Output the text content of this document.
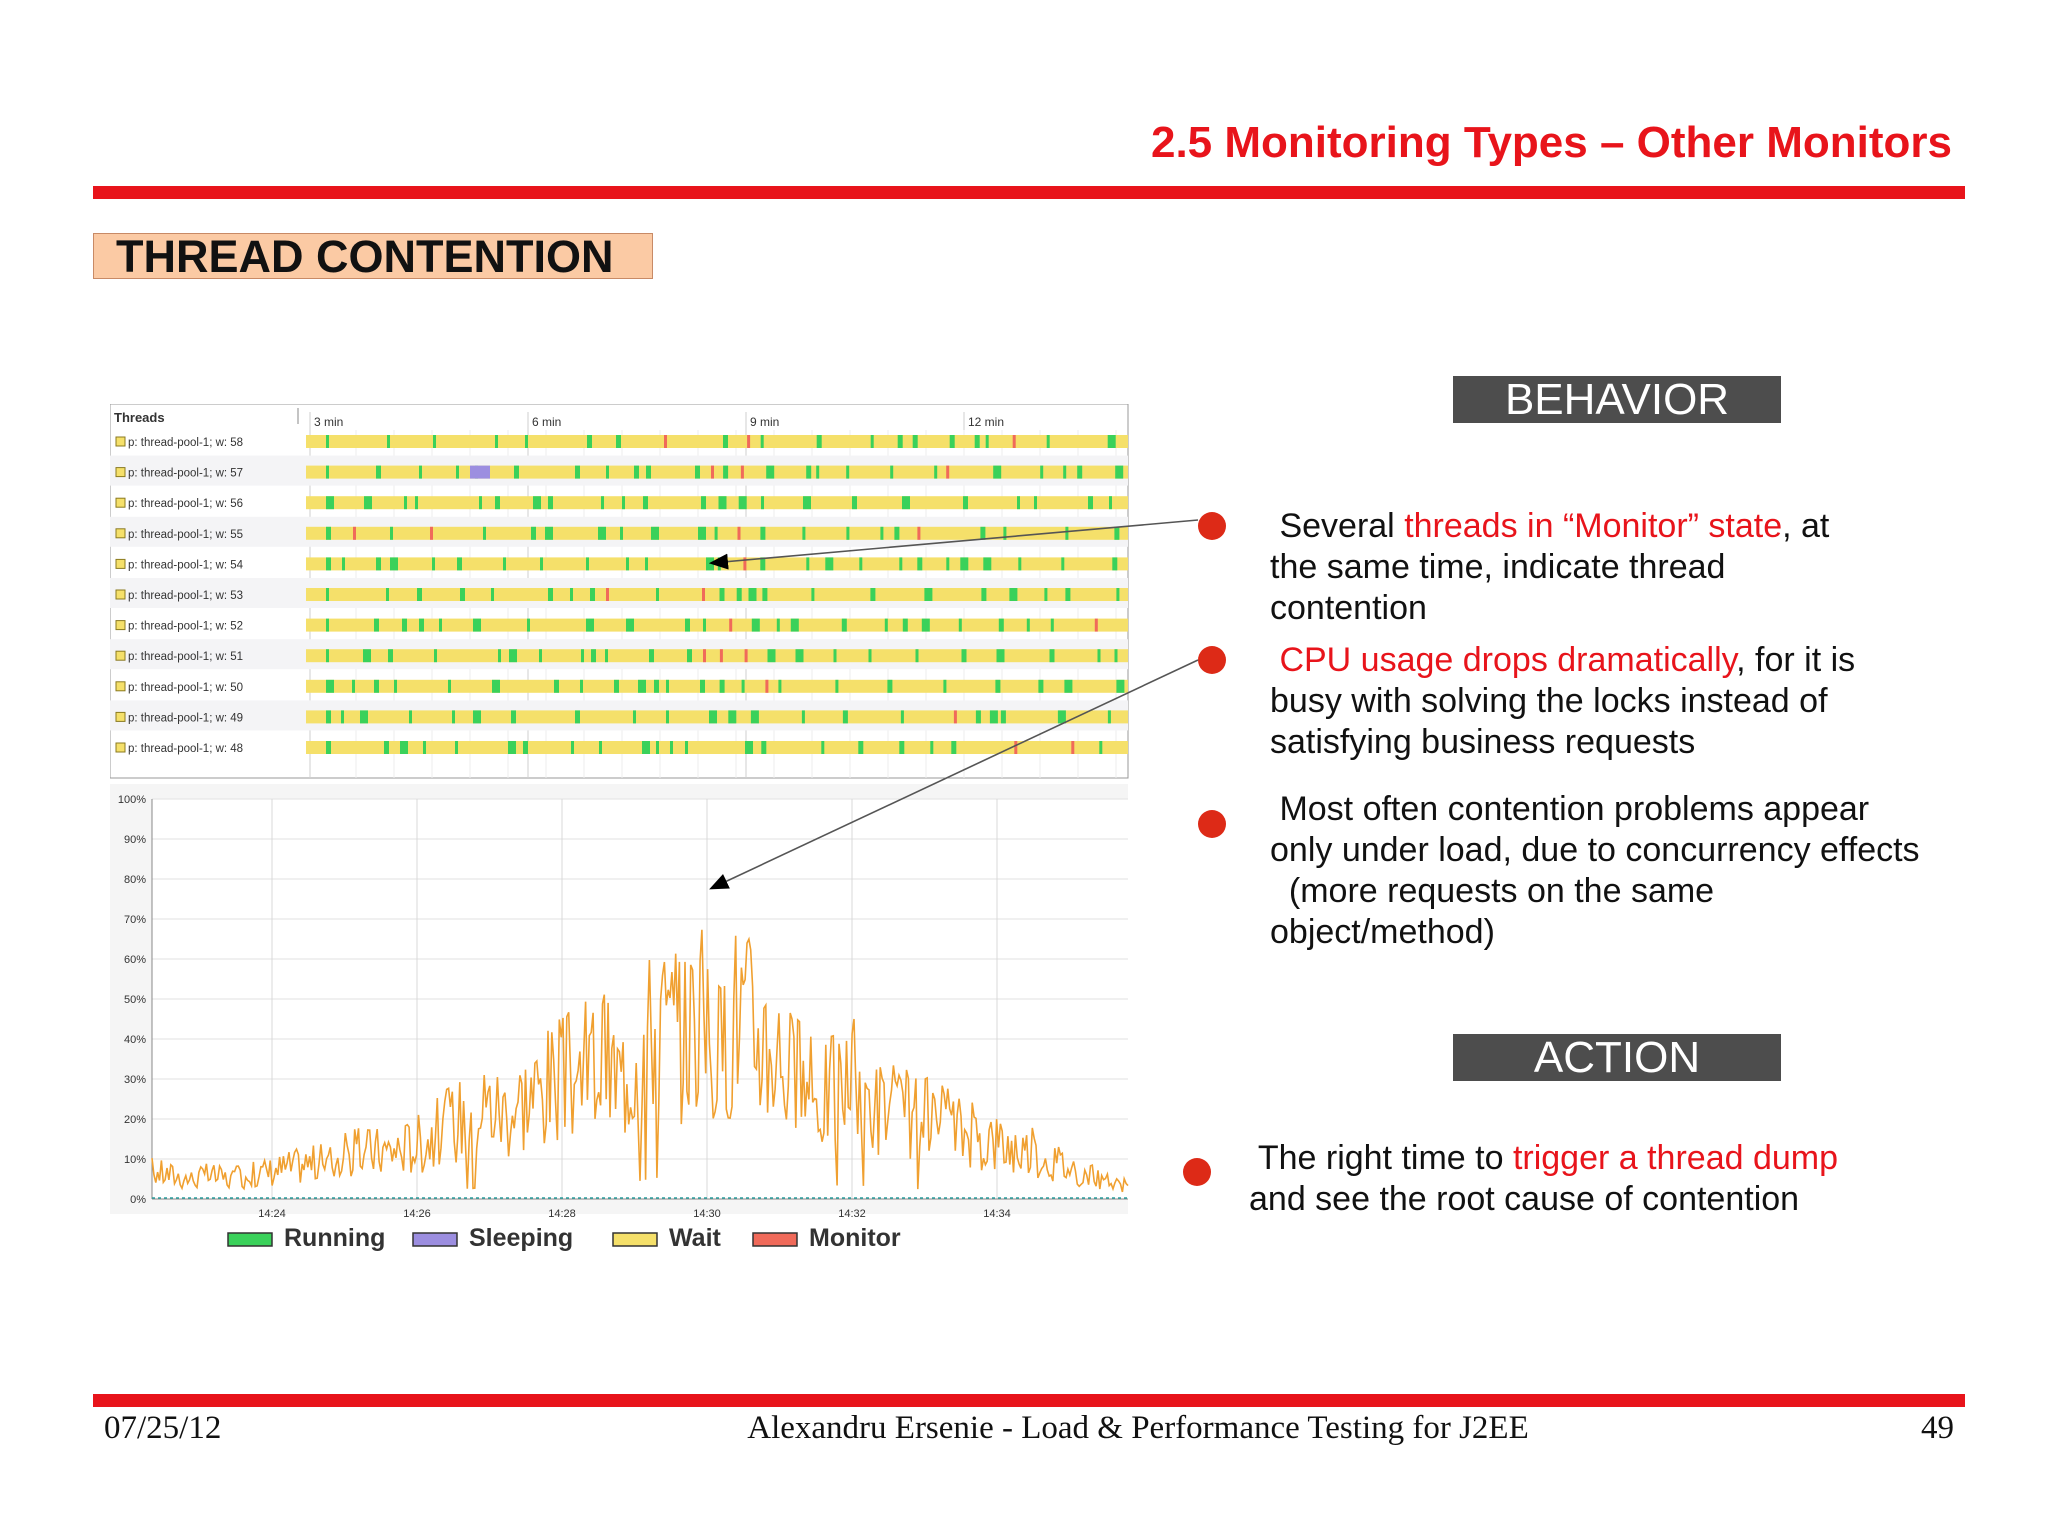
2.5 Monitoring Types – Other Monitors
THREAD CONTENTION
Threads	3 min	6 min	9 min	12 min
p: thread-pool-1; w: 58
p: thread-pool-1; w: 57
p: thread-pool-1; w: 56
p: thread-pool-1; w: 55
p: thread-pool-1; w: 54
p: thread-pool-1; w: 53
p: thread-pool-1; w: 52
p: thread-pool-1; w: 51
p: thread-pool-1; w: 50
p: thread-pool-1; w: 49
p: thread-pool-1; w: 48
0%
10%
20%
30%
40%
50%
60%
70%
80%
90%
100%
14:24	14:26	14:28	14:30	14:32	14:34
Running	Sleeping	Wait	Monitor
BEHAVIOR
Several threads in “Monitor” state, at
the same time, indicate thread
contention
CPU usage drops dramatically, for it is
busy with solving the locks instead of
satisfying business requests
Most often contention problems appear
only under load, due to concurrency effects
(more requests on the same
object/method)
ACTION
The right time to trigger a thread dump
and see the root cause of contention
07/25/12	Alexandru Ersenie - Load & Performance Testing for J2EE	49
